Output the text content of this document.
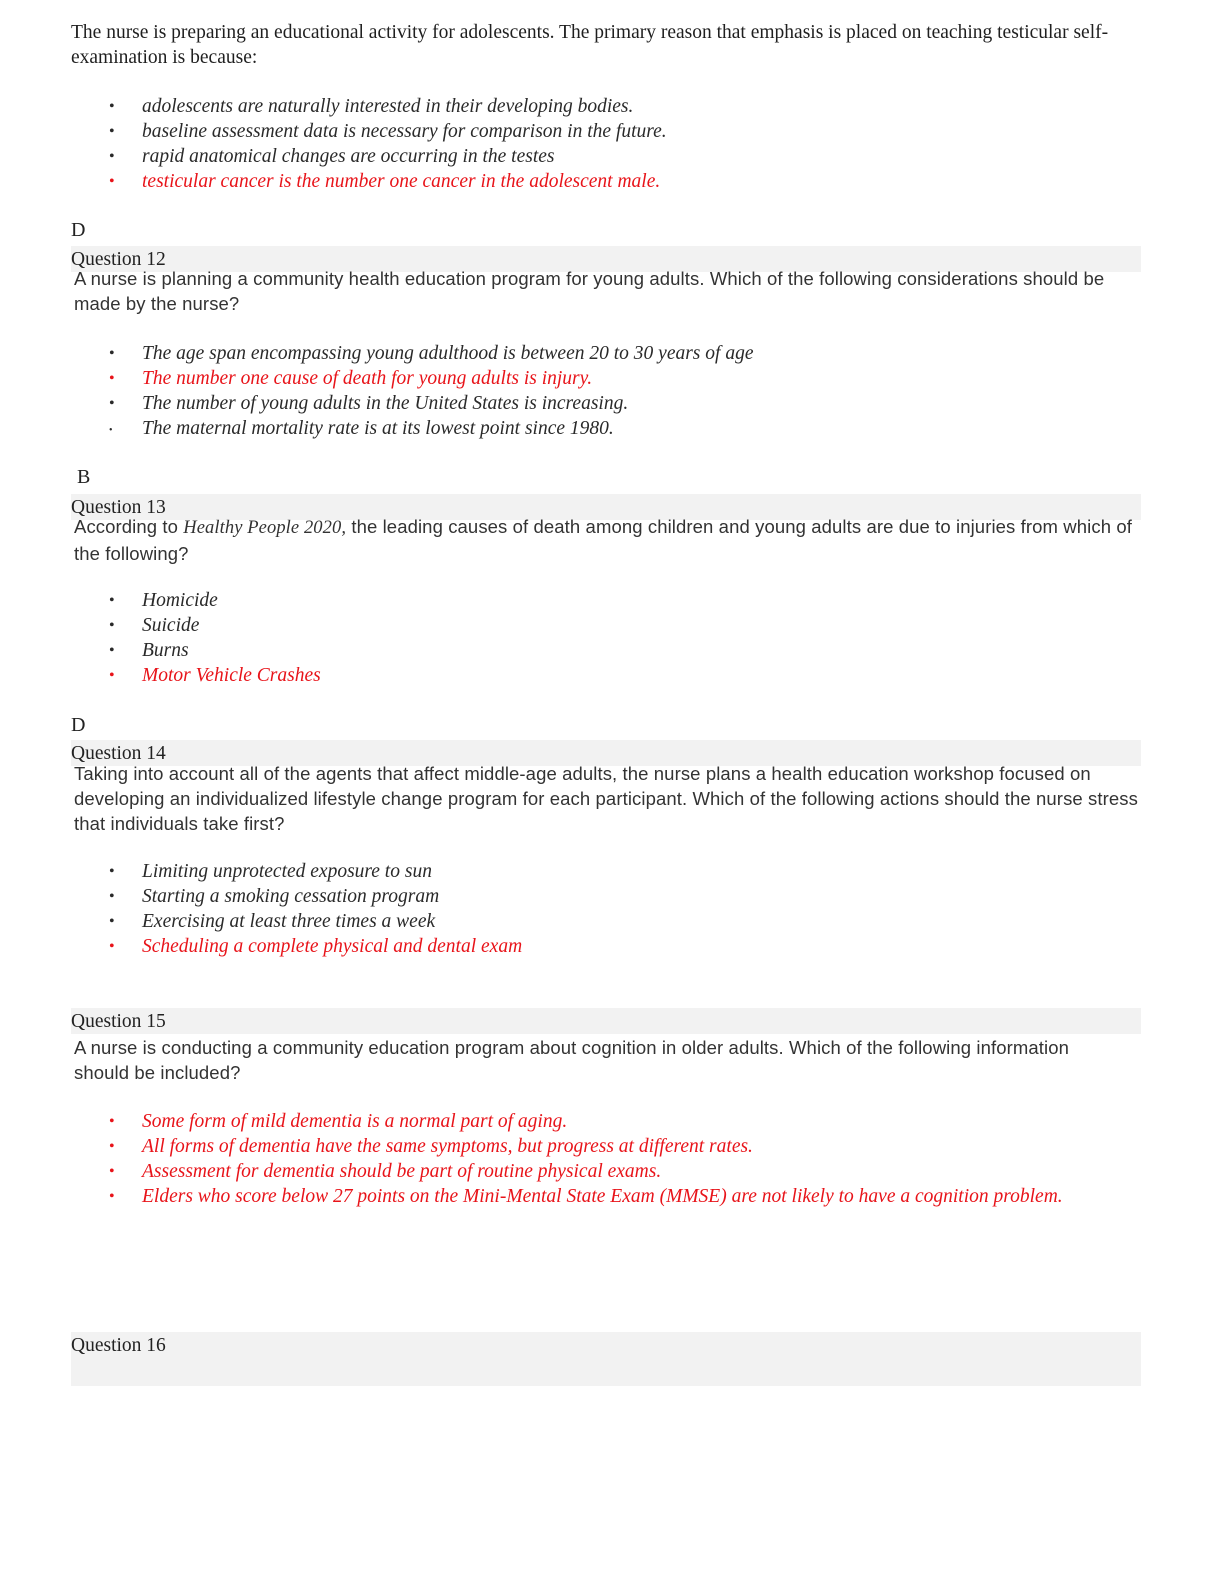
The nurse is preparing an educational activity for adolescents. The primary reason that emphasis is placed on teaching testicular self-examination is because:
• adolescents are naturally interested in their developing bodies.
• baseline assessment data is necessary for comparison in the future.
• rapid anatomical changes are occurring in the testes
• testicular cancer is the number one cancer in the adolescent male.
D
Question 12
A nurse is planning a community health education program for young adults. Which of the following considerations should be made by the nurse?
• The age span encompassing young adulthood is between 20 to 30 years of age
• The number one cause of death for young adults is injury.
• The number of young adults in the United States is increasing.
• The maternal mortality rate is at its lowest point since 1980.
B
Question 13
According to Healthy People 2020, the leading causes of death among children and young adults are due to injuries from which of the following?
• Homicide
• Suicide
• Burns
• Motor Vehicle Crashes
D
Question 14
Taking into account all of the agents that affect middle-age adults, the nurse plans a health education workshop focused on developing an individualized lifestyle change program for each participant. Which of the following actions should the nurse stress that individuals take first?
• Limiting unprotected exposure to sun
• Starting a smoking cessation program
• Exercising at least three times a week
• Scheduling a complete physical and dental exam
Question 15
A nurse is conducting a community education program about cognition in older adults. Which of the following information should be included?
• Some form of mild dementia is a normal part of aging.
• All forms of dementia have the same symptoms, but progress at different rates.
• Assessment for dementia should be part of routine physical exams.
• Elders who score below 27 points on the Mini-Mental State Exam (MMSE) are not likely to have a cognition problem.
Question 16
